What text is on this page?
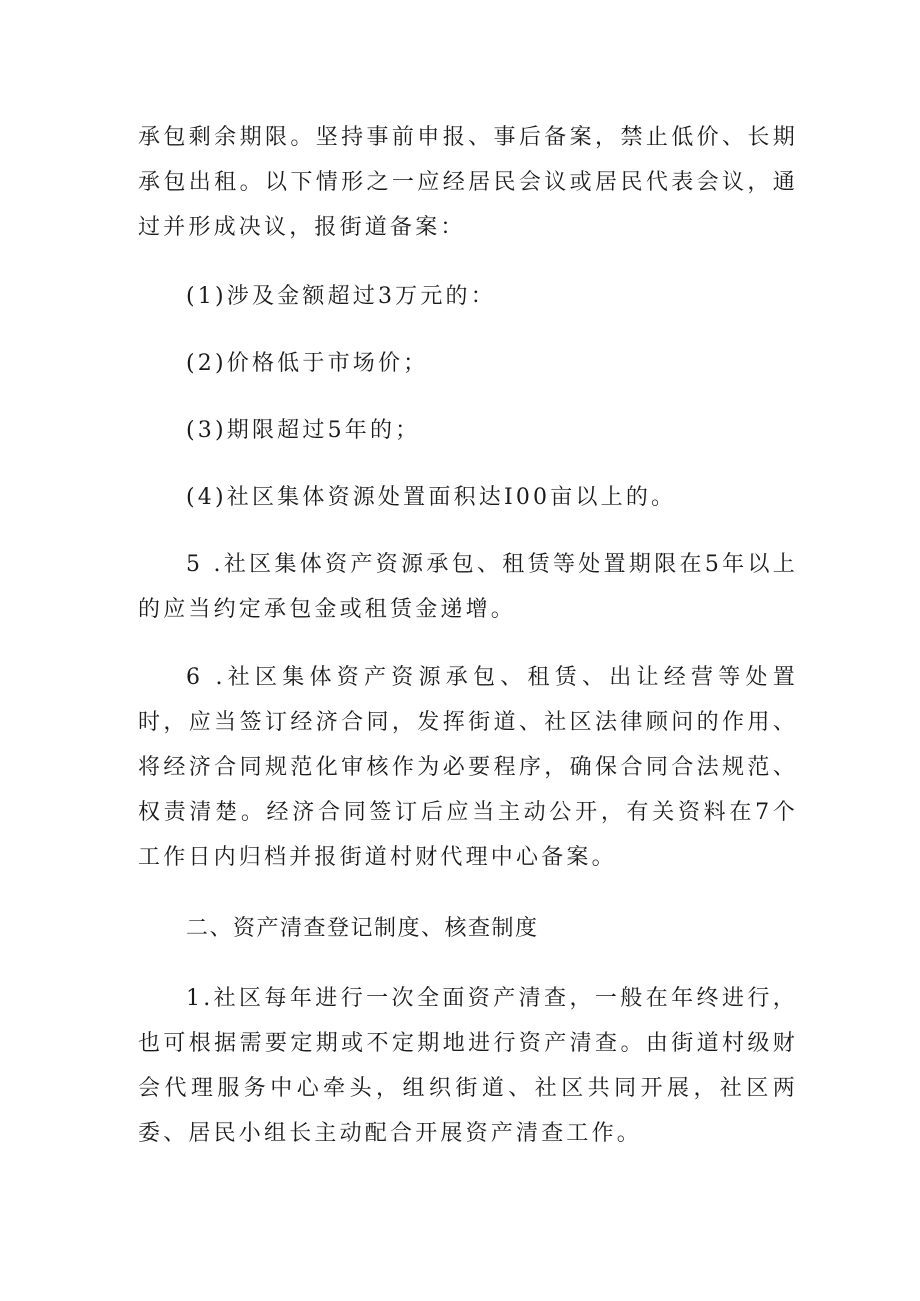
承包剩余期限。坚持事前申报、事后备案，禁止低价、长期承包出租。以下情形之一应经居民会议或居民代表会议，通过并形成决议，报街道备案：

(1)涉及金额超过3万元的：

(2)价格低于市场价；

(3)期限超过5年的；

(4)社区集体资源处置面积达I00亩以上的。

5 .社区集体资产资源承包、租赁等处置期限在5年以上的应当约定承包金或租赁金递增。

6 .社区集体资产资源承包、租赁、出让经营等处置时，应当签订经济合同，发挥街道、社区法律顾问的作用、将经济合同规范化审核作为必要程序，确保合同合法规范、权责清楚。经济合同签订后应当主动公开，有关资料在7个工作日内归档并报街道村财代理中心备案。

二、资产清查登记制度、核查制度

1.社区每年进行一次全面资产清查，一般在年终进行，也可根据需要定期或不定期地进行资产清查。由街道村级财会代理服务中心牵头，组织街道、社区共同开展，社区两委、居民小组长主动配合开展资产清查工作。
